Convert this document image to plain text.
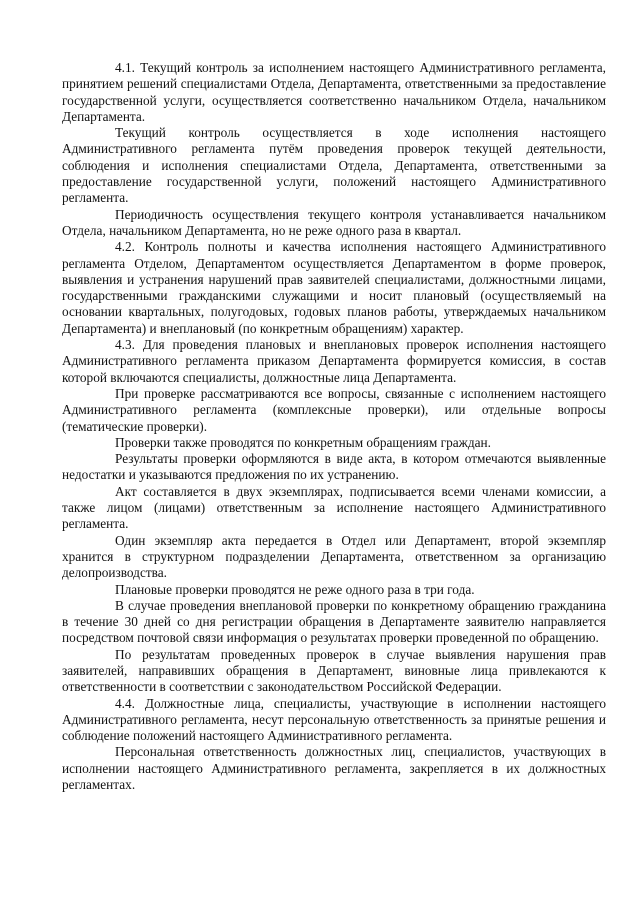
4.1. Текущий контроль за исполнением настоящего Административного регламента, принятием решений специалистами Отдела, Департамента, ответственными за предоставление государственной услуги, осуществляется соответственно начальником Отдела, начальником Департамента.

Текущий контроль осуществляется в ходе исполнения настоящего Административного регламента путём проведения проверок текущей деятельности, соблюдения и исполнения специалистами Отдела, Департамента, ответственными за предоставление государственной услуги, положений настоящего Административного регламента.

Периодичность осуществления текущего контроля устанавливается начальником Отдела, начальником Департамента, но не реже одного раза в квартал.

4.2. Контроль полноты и качества исполнения настоящего Административного регламента Отделом, Департаментом осуществляется Департаментом в форме проверок, выявления и устранения нарушений прав заявителей специалистами, должностными лицами, государственными гражданскими служащими и носит плановый (осуществляемый на основании квартальных, полугодовых, годовых планов работы, утверждаемых начальником Департамента) и внеплановый (по конкретным обращениям) характер.

4.3. Для проведения плановых и внеплановых проверок исполнения настоящего Административного регламента приказом Департамента формируется комиссия, в состав которой включаются специалисты, должностные лица Департамента.

При проверке рассматриваются все вопросы, связанные с исполнением настоящего Административного регламента (комплексные проверки), или отдельные вопросы (тематические проверки).

Проверки также проводятся по конкретным обращениям граждан.

Результаты проверки оформляются в виде акта, в котором отмечаются выявленные недостатки и указываются предложения по их устранению.

Акт составляется в двух экземплярах, подписывается всеми членами комиссии, а также лицом (лицами) ответственным за исполнение настоящего Административного регламента.

Один экземпляр акта передается в Отдел или Департамент, второй экземпляр хранится в структурном подразделении Департамента, ответственном за организацию делопроизводства.

Плановые проверки проводятся не реже одного раза в три года.

В случае проведения внеплановой проверки по конкретному обращению гражданина в течение 30 дней со дня регистрации обращения в Департаменте заявителю направляется посредством почтовой связи информация о результатах проверки проведенной по обращению.

По результатам проведенных проверок в случае выявления нарушения прав заявителей, направивших обращения в Департамент, виновные лица привлекаются к ответственности в соответствии с законодательством Российской Федерации.

4.4. Должностные лица, специалисты, участвующие в исполнении настоящего Административного регламента, несут персональную ответственность за принятые решения и соблюдение положений настоящего Административного регламента.

Персональная ответственность должностных лиц, специалистов, участвующих в исполнении настоящего Административного регламента, закрепляется в их должностных регламентах.
